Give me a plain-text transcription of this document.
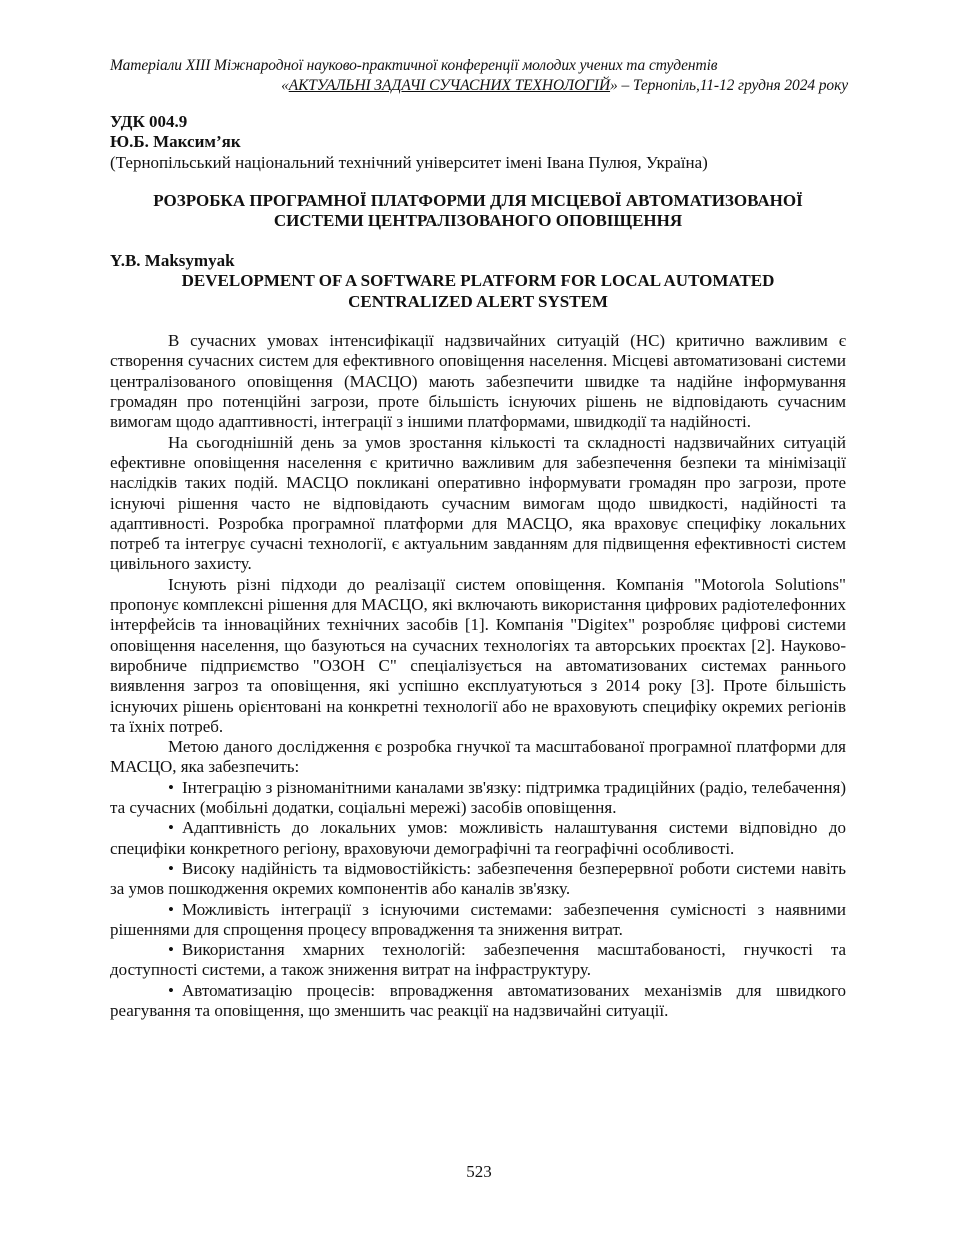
Матеріали XIII Міжнародної науково-практичної конференції молодих учених та студентів
«АКТУАЛЬНІ ЗАДАЧІ СУЧАСНИХ ТЕХНОЛОГІЙ» – Тернопіль,11-12 грудня 2024 року
УДК 004.9
Ю.Б. Максим’як
(Тернопільський національний технічний університет імені Івана Пулюя, Україна)
РОЗРОБКА ПРОГРАМНОЇ ПЛАТФОРМИ ДЛЯ МІСЦЕВОЇ АВТОМАТИЗОВАНОЇ
СИСТЕМИ ЦЕНТРАЛІЗОВАНОГО ОПОВІЩЕННЯ
Y.B. Maksymyak
DEVELOPMENT OF A SOFTWARE PLATFORM FOR LOCAL AUTOMATED
CENTRALIZED ALERT SYSTEM

В сучасних умовах інтенсифікації надзвичайних ситуацій (НС) критично важливим є створення сучасних систем для ефективного оповіщення населення. Місцеві автоматизовані системи централізованого оповіщення (МАСЦО) мають забезпечити швидке та надійне інформування громадян про потенційні загрози, проте більшість існуючих рішень не відповідають сучасним вимогам щодо адаптивності, інтеграції з іншими платформами, швидкодії та надійності.

На сьогоднішній день за умов зростання кількості та складності надзвичайних ситуацій ефективне оповіщення населення є критично важливим для забезпечення безпеки та мінімізації наслідків таких подій. МАСЦО покликані оперативно інформувати громадян про загрози, проте існуючі рішення часто не відповідають сучасним вимогам щодо швидкості, надійності та адаптивності. Розробка програмної платформи для МАСЦО, яка враховує специфіку локальних потреб та інтегрує сучасні технології, є актуальним завданням для підвищення ефективності систем цивільного захисту.

Існують різні підходи до реалізації систем оповіщення. Компанія "Motorola Solutions" пропонує комплексні рішення для МАСЦО, які включають використання цифрових радіотелефонних інтерфейсів та інноваційних технічних засобів [1]. Компанія "Digitex" розробляє цифрові системи оповіщення населення, що базуються на сучасних технологіях та авторських проєктах [2]. Науково-виробниче підприємство "ОЗОН С" спеціалізується на автоматизованих системах раннього виявлення загроз та оповіщення, які успішно експлуатуються з 2014 року [3]. Проте більшість існуючих рішень орієнтовані на конкретні технології або не враховують специфіку окремих регіонів та їхніх потреб.

Метою даного дослідження є розробка гнучкої та масштабованої програмної платформи для МАСЦО, яка забезпечить:

• Інтеграцію з різноманітними каналами зв'язку: підтримка традиційних (радіо, телебачення) та сучасних (мобільні додатки, соціальні мережі) засобів оповіщення.

• Адаптивність до локальних умов: можливість налаштування системи відповідно до специфіки конкретного регіону, враховуючи демографічні та географічні особливості.

• Високу надійність та відмовостійкість: забезпечення безперервної роботи системи навіть за умов пошкодження окремих компонентів або каналів зв'язку.

• Можливість інтеграції з існуючими системами: забезпечення сумісності з наявними рішеннями для спрощення процесу впровадження та зниження витрат.

• Використання хмарних технологій: забезпечення масштабованості, гнучкості та доступності системи, а також зниження витрат на інфраструктуру.

• Автоматизацію процесів: впровадження автоматизованих механізмів для швидкого реагування та оповіщення, що зменшить час реакції на надзвичайні ситуації.

523
